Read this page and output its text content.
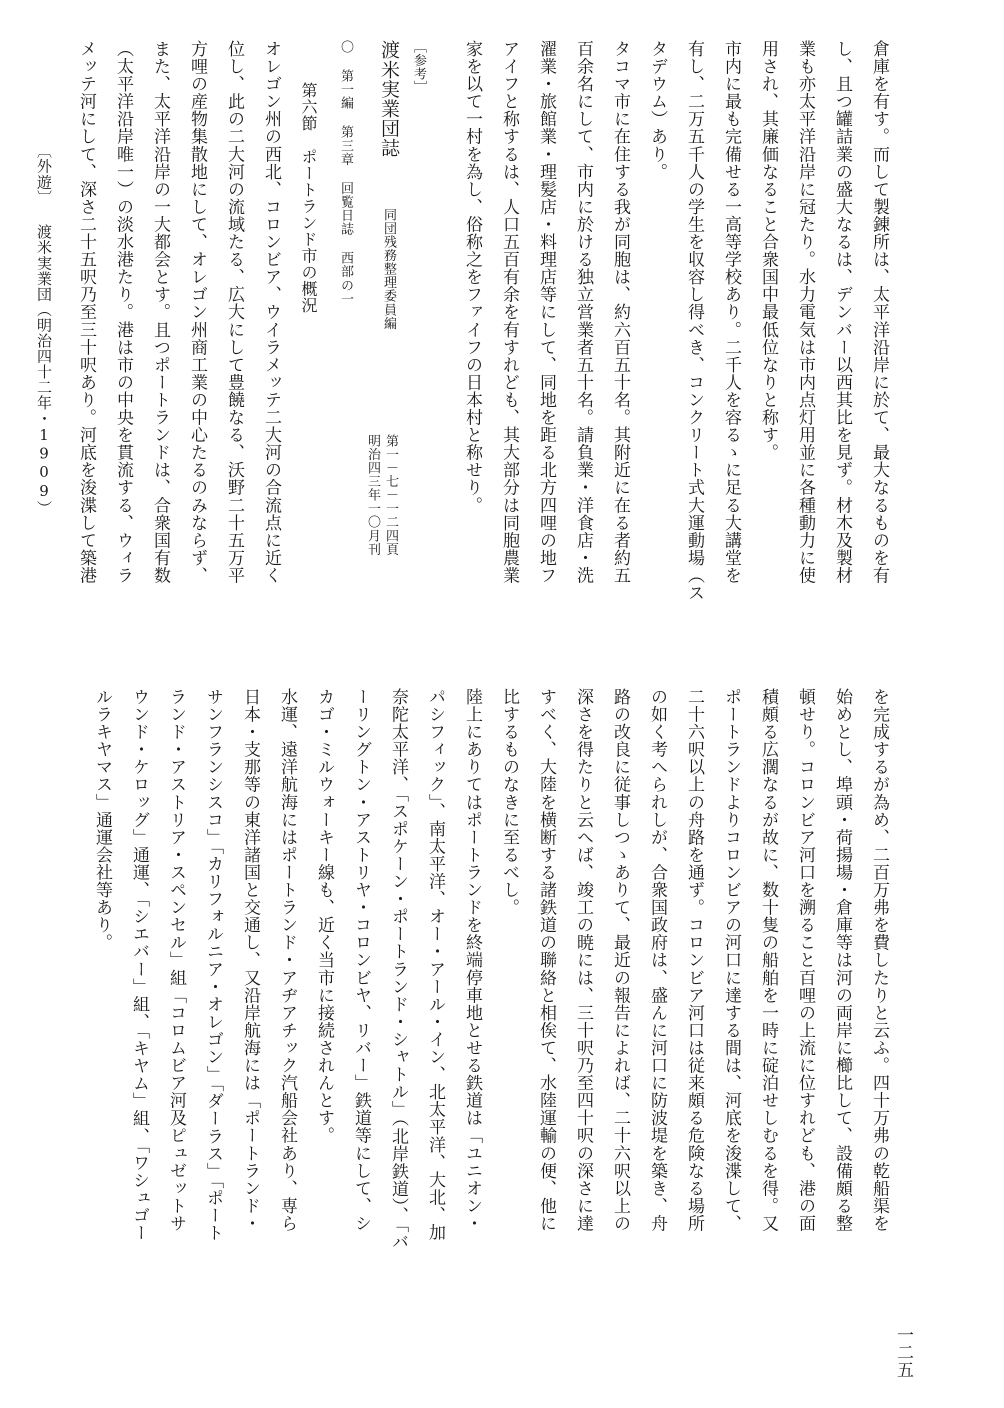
倉庫を有す。而して製錬所は、太平洋沿岸に於て、最大なるものを有
し、且つ罐詰業の盛大なるは、デンバー以西其比を見ず。材木及製材
業も亦太平洋沿岸に冠たり。水力電気は市内点灯用並に各種動力に使
用され、其廉価なること合衆国中最低位なりと称す。
市内に最も完備せる一高等学校あり。二千人を容るゝに足る大講堂を
有し、二万五千人の学生を収容し得べき、コンクリート式大運動場（ス
タデウム）あり。
タコマ市に在住する我が同胞は、約六百五十名。其附近に在る者約五
百余名にして、市内に於ける独立営業者五十名。請負業・洋食店・洗
濯業・旅館業・理髪店・料理店等にして、同地を距る北方四哩の地フ
アイフと称するは、人口五百有余を有すれども、其大部分は同胞農業
家を以て一村を為し、俗称之をファイフの日本村と称せり。
［参考］
渡米実業団誌
同団残務整理委員編
第一－七－一二四頁
明治四三年一〇月刊
〇 第一編 第三章 回覧日誌 西部の一
第六節　ポートランド市の概況
オレゴン州の西北、コロンビア、ウイラメッテ二大河の合流点に近く
位し、此の二大河の流域たる、広大にして豊饒なる、沃野二十五万平
方哩の産物集散地にして、オレゴン州商工業の中心たるのみならず、
また、太平洋沿岸の一大都会とす。且つポートランドは、合衆国有数
（太平洋沿岸唯一）の淡水港たり。港は市の中央を貫流する、ウィラ
メッテ河にして、深さ二十五呎乃至三十呎あり。河底を浚渫して築港
〔外遊〕
渡米実業団（明治四十二年・1909）
を完成するが為め、二百万弗を費したりと云ふ。四十万弗の乾船渠を
始めとし、埠頭・荷揚場・倉庫等は河の両岸に櫛比して、設備頗る整
頓せり。コロンビア河口を溯ること百哩の上流に位すれども、港の面
積頗る広濶なるが故に、数十隻の船舶を一時に碇泊せしむるを得。又
ポートランドよりコロンビアの河口に達する間は、河底を浚渫して、
二十六呎以上の舟路を通ず。コロンビア河口は従来頗る危険なる場所
の如く考へられしが、合衆国政府は、盛んに河口に防波堤を築き、舟
路の改良に従事しつゝありて、最近の報告によれば、二十六呎以上の
深さを得たりと云へば、竣工の暁には、三十呎乃至四十呎の深さに達
すべく、大陸を横断する諸鉄道の聯絡と相俟て、水陸運輸の便、他に
比するものなきに至るべし。
陸上にありてはポートランドを終端停車地とせる鉄道は「ユニオン・
パシフィック」、南太平洋、オー・アール・イン、北太平洋、大北、加
奈陀太平洋、「スポケーン・ポートランド・シャトル」（北岸鉄道）、「バ
ーリングトン・アストリヤ・コロンビヤ、リバー」鉄道等にして、シ
カゴ・ミルウォーキー線も、近く当市に接続されんとす。
水運、遠洋航海にはポートランド・アヂアチック汽船会社あり、専ら
日本・支那等の東洋諸国と交通し、又沿岸航海には「ポートランド・
サンフランシスコ」「カリフォルニア・オレゴン」「ダーラス」「ポート
ランド・アストリア・スペンセル」組「コロムビア河及ピュゼットサ
ウンド・ケロッグ」通運、「シエバー」組、「キヤム」組、「ワシュゴー
ルラキヤマス」通運会社等あり。
一二五
